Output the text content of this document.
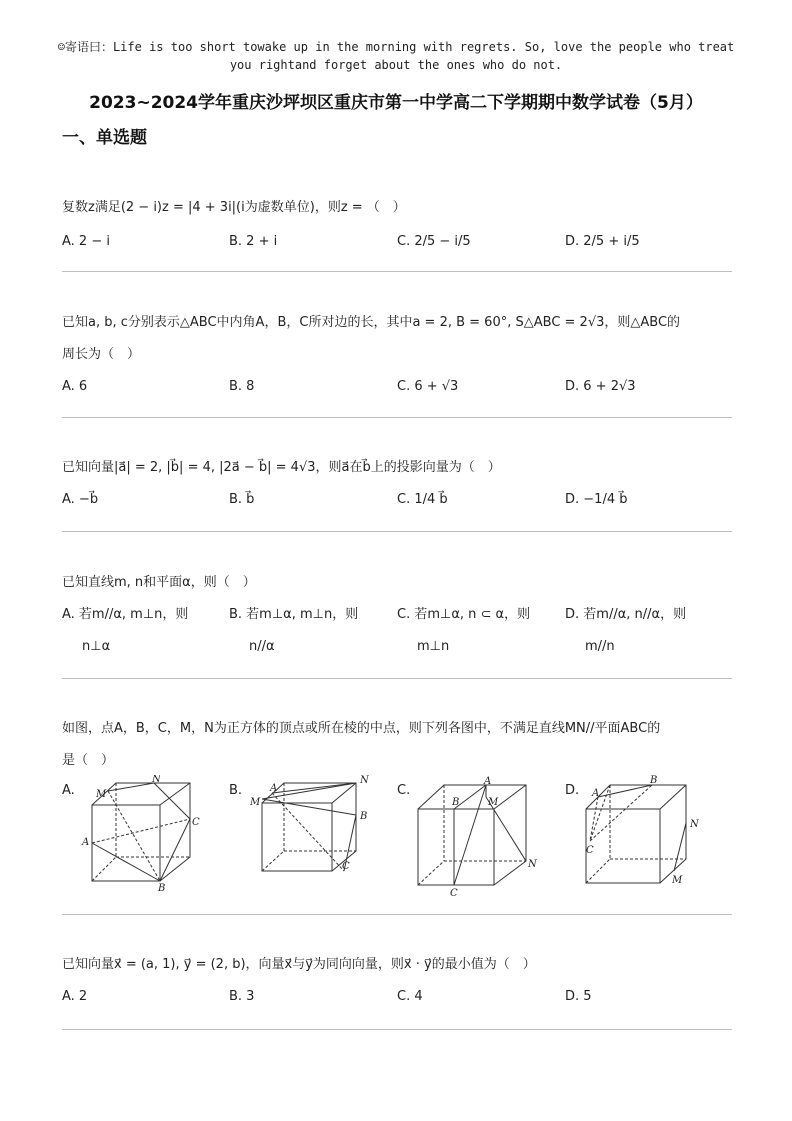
☺寄语曰：Life is too short towake up in the morning with regrets. So, love the people who treat
you rightand forget about the ones who do not.
2023~2024学年重庆沙坪坝区重庆市第一中学高二下学期期中数学试卷（5月）
一、单选题
复数z满足(2 − i)z = |4 + 3i|(i为虚数单位)，则z = （　）
A. 2 − i	B. 2 + i	C. 2/5 − i/5	D. 2/5 + i/5
已知a, b, c分别表示△ABC中内角A，B，C所对边的长，其中a = 2, B = 60°, S△ABC = 2√3，则△ABC的
周长为（　）
A. 6	B. 8	C. 6 + √3	D. 6 + 2√3
已知向量|a⃗| = 2, |b⃗| = 4, |2a⃗ − b⃗| = 4√3，则a⃗在b⃗上的投影向量为（　）
A. −b⃗	B. b⃗	C. 1/4 b⃗	D. −1/4 b⃗
已知直线m, n和平面α，则（　）
A. 若m//α, m⊥n，则	B. 若m⊥α, m⊥n，则	C. 若m⊥α, n ⊂ α，则	D. 若m//α, n//α，则
n⊥α	n//α	m⊥n	m//n
如图，点A，B，C，M，N为正方体的顶点或所在棱的中点，则下列各图中，不满足直线MN//平面ABC的
是（　）
A.	B.	C.	D.
M
N
C
A
B
M
A
N
B
C
B
A
M
N
C
A
B
C
N
M
已知向量x⃗ = (a, 1), y⃗ = (2, b)，向量x⃗与y⃗为同向向量，则x⃗ · y⃗的最小值为（　）
A. 2	B. 3	C. 4	D. 5
